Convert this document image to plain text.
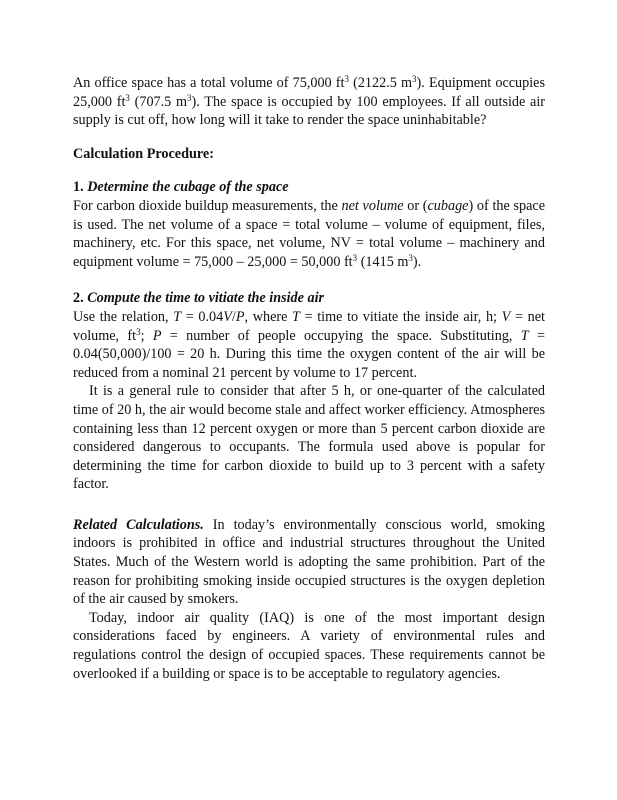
An office space has a total volume of 75,000 $ft^3$ (2122.5 $m^3$). Equipment occupies 25,000 $ft^3$ (707.5 $m^3$). The space is occupied by 100 employees. If all outside air supply is cut off, how long will it take to render the space uninhabitable?

Calculation Procedure:

1. Determine the cubage of the space

For carbon dioxide buildup measurements, the net volume or (cubage) of the space is used. The net volume of a space = total volume – volume of equipment, files, machinery, etc. For this space, net volume, NV = total volume – machinery and equipment volume = 75,000 – 25,000 = 50,000 $ft^3$ (1415 $m^3$).

2. Compute the time to vitiate the inside air

Use the relation, T = 0.04V/P, where T = time to vitiate the inside air, h; V = net volume, $ft^3$; P = number of people occupying the space. Substituting, T = 0.04(50,000)/100 = 20 h. During this time the oxygen content of the air will be reduced from a nominal 21 percent by volume to 17 percent.

It is a general rule to consider that after 5 h, or one-quarter of the calculated time of 20 h, the air would become stale and affect worker efficiency. Atmospheres containing less than 12 percent oxygen or more than 5 percent carbon dioxide are considered dangerous to occupants. The formula used above is popular for determining the time for carbon dioxide to build up to 3 percent with a safety factor.

Related Calculations. In today’s environmentally conscious world, smoking indoors is prohibited in office and industrial structures throughout the United States. Much of the Western world is adopting the same prohibition. Part of the reason for prohibiting smoking inside occupied structures is the oxygen depletion of the air caused by smokers.

Today, indoor air quality (IAQ) is one of the most important design considerations faced by engineers. A variety of environmental rules and regulations control the design of occupied spaces. These requirements cannot be overlooked if a building or space is to be acceptable to regulatory agencies.
